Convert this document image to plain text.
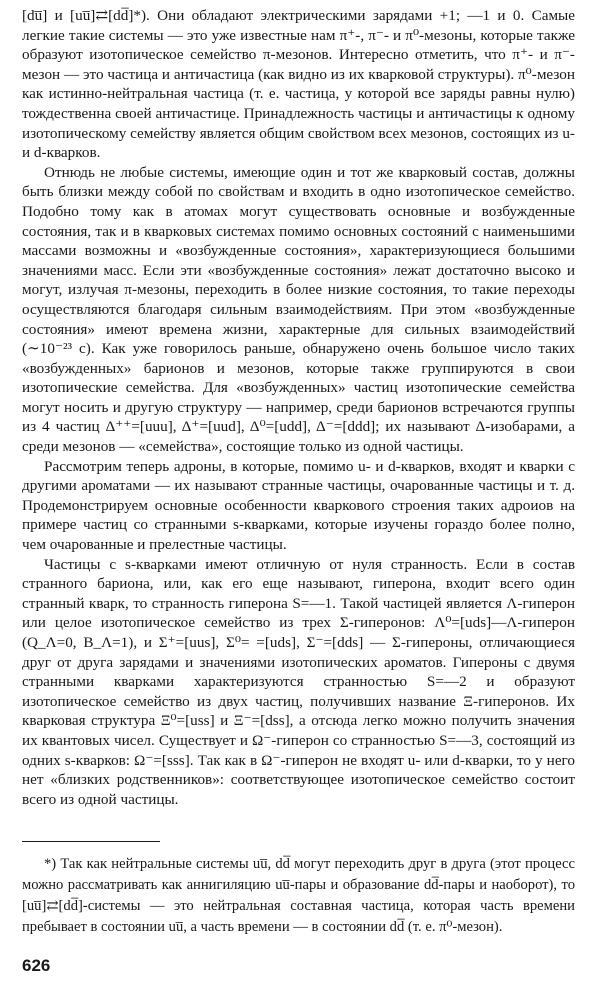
[du̅] и [uu̅]⇄[dd̅]*). Они обладают электрическими зарядами +1; —1 и 0. Самые легкие такие системы — это уже известные нам π⁺-, π⁻- и π⁰-мезоны, которые также образуют изотопическое семейство π-мезонов. Интересно отметить, что π⁺- и π⁻-мезон — это частица и античастица (как видно из их кварковой структуры). π⁰-мезон как истинно-нейтральная частица (т. е. частица, у которой все заряды равны нулю) тождественна своей античастице. Принадлежность частицы и античастицы к одному изотопическому семейству является общим свойством всех мезонов, состоящих из u- и d-кварков.

Отнюдь не любые системы, имеющие один и тот же кварковый состав, должны быть близки между собой по свойствам и входить в одно изотопическое семейство. Подобно тому как в атомах могут существовать основные и возбужденные состояния, так и в кварковых системах помимо основных состояний с наименьшими массами возможны и «возбужденные состояния», характеризующиеся большими значениями масс. Если эти «возбужденные состояния» лежат достаточно высоко и могут, излучая π-мезоны, переходить в более низкие состояния, то такие переходы осуществляются благодаря сильным взаимодействиям. При этом «возбужденные состояния» имеют времена жизни, характерные для сильных взаимодействий (∼10⁻²³ с). Как уже говорилось раньше, обнаружено очень большое число таких «возбужденных» барионов и мезонов, которые также группируются в свои изотопические семейства. Для «возбужденных» частиц изотопические семейства могут носить и другую структуру — например, среди барионов встречаются группы из 4 частиц Δ⁺⁺=[uuu], Δ⁺=[uud], Δ⁰=[udd], Δ⁻=[ddd]; их называют Δ-изобарами, а среди мезонов — «семейства», состоящие только из одной частицы.

Рассмотрим теперь адроны, в которые, помимо u- и d-кварков, входят и кварки с другими ароматами — их называют странные частицы, очарованные частицы и т. д. Продемонстрируем основные особенности кваркового строения таких адроиов на примере частиц со странными s-кварками, которые изучены гораздо более полно, чем очарованные и прелестные частицы.

Частицы с s-кварками имеют отличную от нуля странность. Если в состав странного бариона, или, как его еще называют, гиперона, входит всего один странный кварк, то странность гиперона S=—1. Такой частицей является Λ-гиперон или целое изотопическое семейство из трех Σ-гиперонов: Λ⁰=[uds]—Λ-гиперон (Q_Λ=0, B_Λ=1), и Σ⁺=[uus], Σ⁰= =[uds], Σ⁻=[dds] — Σ-гипероны, отличающиеся друг от друга зарядами и значениями изотопических ароматов. Гипероны с двумя странными кварками характеризуются странностью S=—2 и образуют изотопическое семейство из двух частиц, получивших название Ξ-гиперонов. Их кварковая структура Ξ⁰=[uss] и Ξ⁻=[dss], а отсюда легко можно получить значения их квантовых чисел. Существует и Ω⁻-гиперон со странностью S=—3, состоящий из одних s-кварков: Ω⁻=[sss]. Так как в Ω⁻-гиперон не входят u- или d-кварки, то у него нет «близких родственников»: соответствующее изотопическое семейство состоит всего из одной частицы.

*) Так как нейтральные системы uu̅, dd̅ могут переходить друг в друга (этот процесс можно рассматривать как аннигиляцию uu̅-пары и образование dd̅-пары и наоборот), то [uu̅]⇄[dd̅]-системы — это нейтральная составная частица, которая часть времени пребывает в состоянии uu̅, а часть времени — в состоянии dd̅ (т. е. π⁰-мезон).

626
